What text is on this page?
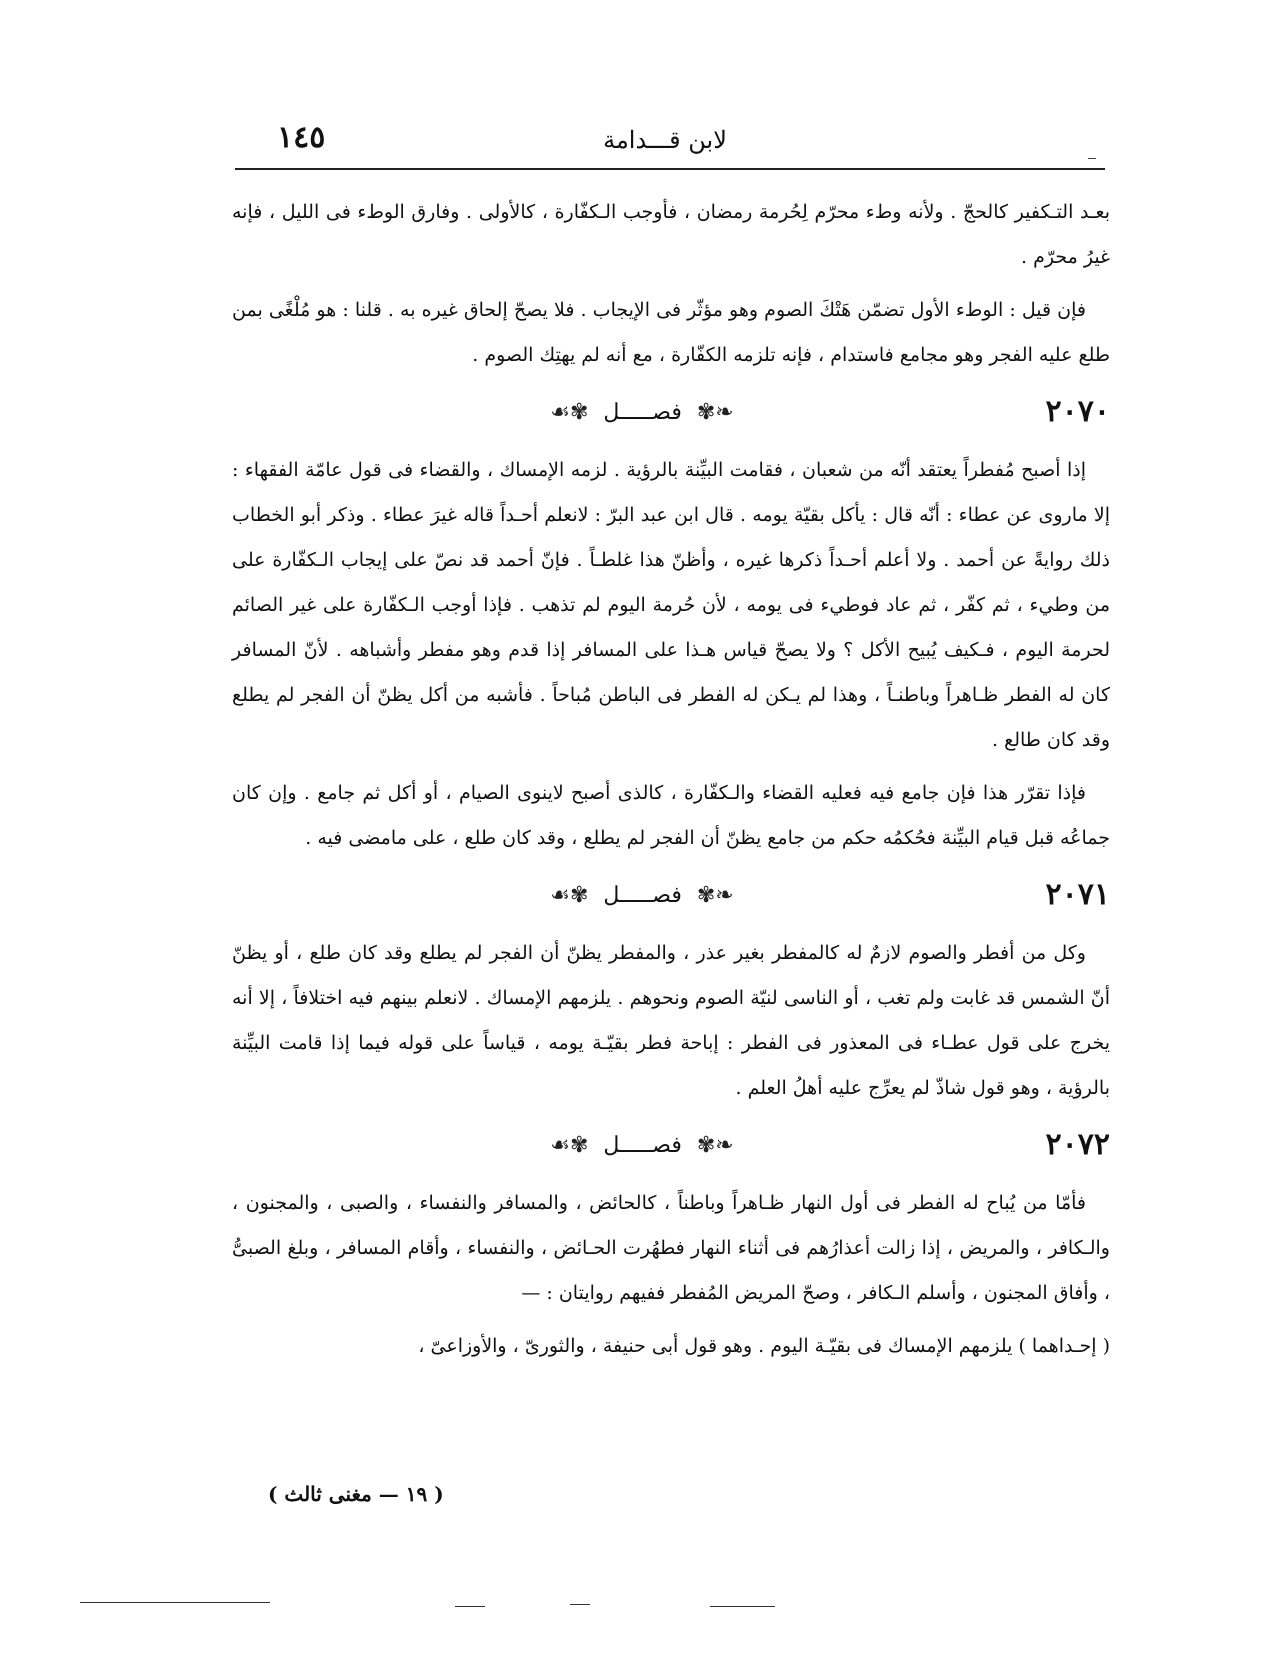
لابن قـــدامة
١٤٥

بعـد التـكفير كالحجّ . ولأنه وطء محرّم لِحُرمة رمضان ، فأوجب الـكفّارة ، كالأولى . وفارق الوطء فى الليل ، فإنه غيرُ محرّم .

فإن قيل : الوطء الأول تضمّن هَتْكَ الصوم وهو مؤثّر فى الإيجاب . فلا يصحّ إلحاق غيره به . قلنا : هو مُلْغًى بمن طلع عليه الفجر وهو مجامع فاستدام ، فإنه تلزمه الكفّارة ، مع أنه لم يهتِك الصوم .

٢٠٧٠
❧✾ فصـــــل ✾☙

إذا أصبح مُفطراً يعتقد أنّه من شعبان ، فقامت البيِّنة بالرؤية . لزمه الإمساك ، والقضاء فى قول عامّة الفقهاء : إلا ماروى عن عطاء : أنّه قال : يأكل بقيّة يومه . قال ابن عبد البرّ : لانعلم أحـداً قاله غيرَ عطاء . وذكر أبو الخطاب ذلك روايةً عن أحمد . ولا أعلم أحـداً ذكرها غيره ، وأظنّ هذا غلطـاً . فإنّ أحمد قد نصّ على إيجاب الـكفّارة على من وطيء ، ثم كفّر ، ثم عاد فوطيء فى يومه ، لأن حُرمة اليوم لم تذهب . فإذا أوجب الـكفّارة على غير الصائم لحرمة اليوم ، فـكيف يُبيح الأكل ؟ ولا يصحّ قياس هـذا على المسافر إذا قدم وهو مفطر وأشباهه . لأنّ المسافر كان له الفطر ظـاهراً وباطنـاً ، وهذا لم يـكن له الفطر فى الباطن مُباحاً . فأشبه من أكل يظنّ أن الفجر لم يطلع وقد كان طالع .

فإذا تقرّر هذا فإن جامع فيه فعليه القضاء والـكفّارة ، كالذى أصبح لاينوى الصيام ، أو أكل ثم جامع . وإن كان جماعُه قبل قيام البيِّنة فحُكمُه حكم من جامع يظنّ أن الفجر لم يطلع ، وقد كان طلع ، على مامضى فيه .

٢٠٧١
❧✾ فصـــــل ✾☙

وكل من أفطر والصوم لازمٌ له كالمفطر بغير عذر ، والمفطر يظنّ أن الفجر لم يطلع وقد كان طلع ، أو يظنّ أنّ الشمس قد غابت ولم تغب ، أو الناسى لنيّة الصوم ونحوهم . يلزمهم الإمساك . لانعلم بينهم فيه اختلافاً ، إلا أنه يخرج على قول عطـاء فى المعذور فى الفطر : إباحة فطر بقيّـة يومه ، قياساً على قوله فيما إذا قامت البيِّنة بالرؤية ، وهو قول شاذّ لم يعرِّج عليه أهلُ العلم .

٢٠٧٢
❧✾ فصـــــل ✾☙

فأمّا من يُباح له الفطر فى أول النهار ظـاهراً وباطناً ، كالحائض ، والمسافر والنفساء ، والصبى ، والمجنون ، والـكافر ، والمريض ، إذا زالت أعذارُهم فى أثناء النهار فطهُرت الحـائض ، والنفساء ، وأقام المسافر ، وبلغ الصبىُّ ، وأفاق المجنون ، وأسلم الـكافر ، وصحّ المريض المُفطر ففيهم روايتان : —

( إحـداهما ) يلزمهم الإمساك فى بقيّـة اليوم . وهو قول أبى حنيفة ، والثورىّ ، والأوزاعىّ ،

( ١٩ — مغنى ثالث )
